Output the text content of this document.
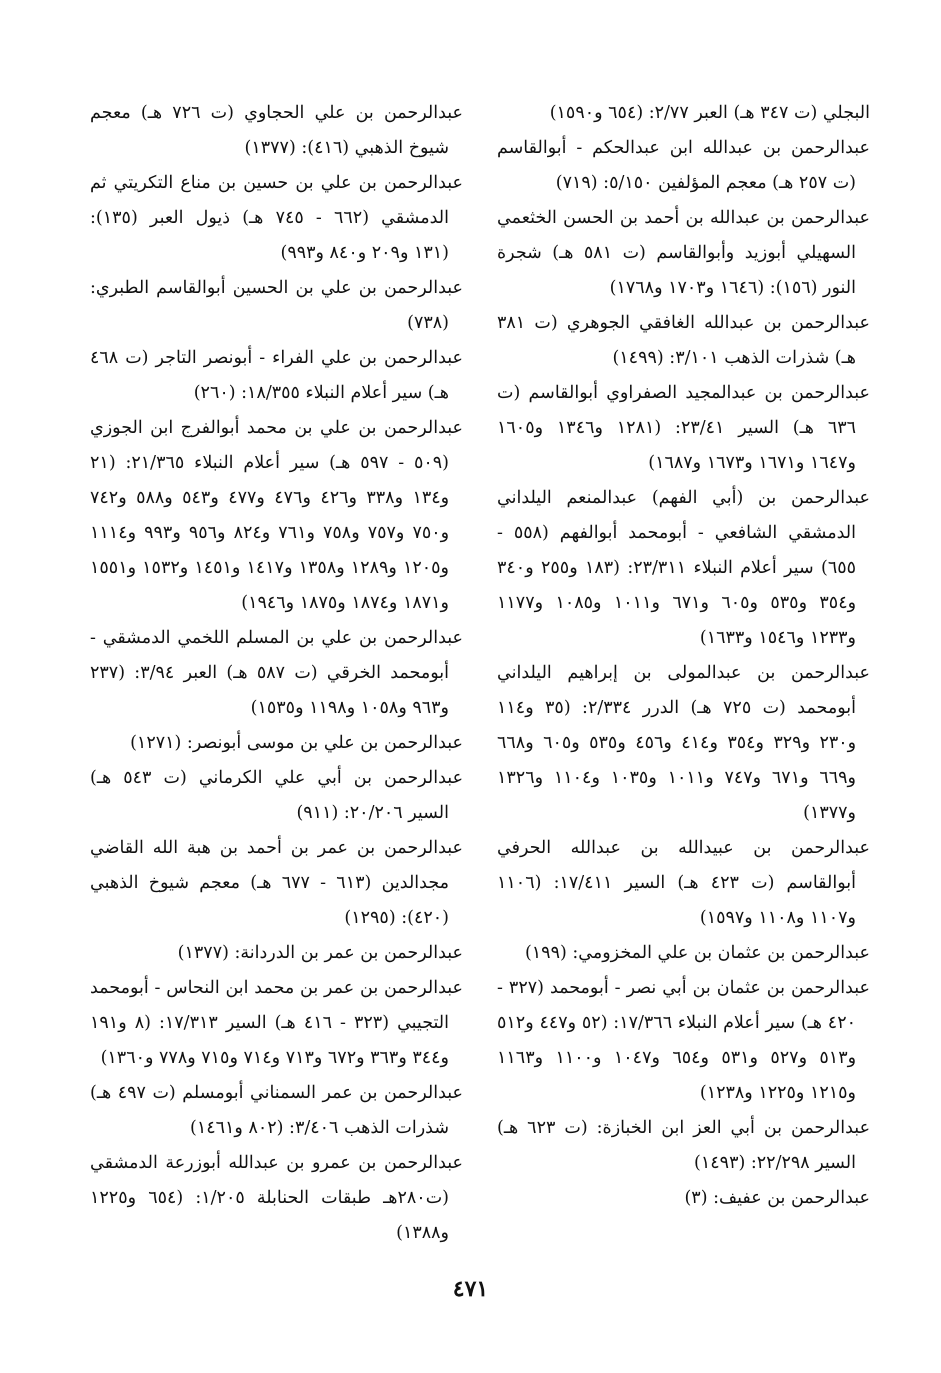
عبدالرحمن بن علي الحجاوي (ت ٧٢٦ هـ) معجم شيوخ الذهبي (٤١٦): (١٣٧٧)

عبدالرحمن بن علي بن حسين بن مناع التكريتي ثم الدمشقي (٦٦٢ - ٧٤٥ هـ) ذيول العبر (١٣٥): (١٣١ و٢٠٩ و٨٤٠ و٩٩٣)

عبدالرحمن بن علي بن الحسين أبوالقاسم الطبري: (٧٣٨)

عبدالرحمن بن علي الفراء - أبونصر التاجر (ت ٤٦٨ هـ) سير أعلام النبلاء ١٨/٣٥٥: (٢٦٠)

عبدالرحمن بن علي بن محمد أبوالفرج ابن الجوزي (٥٠٩ - ٥٩٧ هـ) سير أعلام النبلاء ٢١/٣٦٥: (٢١ و١٣٤ و٣٣٨ و٤٢٦ و٤٧٦ و٤٧٧ و٥٤٣ و٥٨٨ و٧٤٢ و٧٥٠ و٧٥٧ و٧٥٨ و٧٦١ و٨٢٤ و٩٥٦ و٩٩٣ و١١١٤ و١٢٠٥ و١٢٨٩ و١٣٥٨ و١٤١٧ و١٤٥١ و١٥٣٢ و١٥٥١ و١٨٧١ و١٨٧٤ و١٨٧٥ و١٩٤٦)

عبدالرحمن بن علي بن المسلم اللخمي الدمشقي - أبومحمد الخرقي (ت ٥٨٧ هـ) العبر ٣/٩٤: (٢٣٧ و٩٦٣ و١٠٥٨ و١١٩٨ و١٥٣٥)

عبدالرحمن بن علي بن موسى أبونصر: (١٢٧١)

عبدالرحمن بن أبي علي الكرماني (ت ٥٤٣ هـ) السير ٢٠/٢٠٦: (٩١١)

عبدالرحمن بن عمر بن أحمد بن هبة الله القاضي مجدالدين (٦١٣ - ٦٧٧ هـ) معجم شيوخ الذهبي (٤٢٠): (١٢٩٥)

عبدالرحمن بن عمر بن الدردانة: (١٣٧٧)

عبدالرحمن بن عمر بن محمد ابن النحاس - أبومحمد التجيبي (٣٢٣ - ٤١٦ هـ) السير ١٧/٣١٣: (٨ و١٩١ و٣٤٤ و٣٦٣ و٦٧٢ و٧١٣ و٧١٤ و٧١٥ و٧٧٨ و١٣٦٠)

عبدالرحمن بن عمر السمناني أبومسلم (ت ٤٩٧ هـ) شذرات الذهب ٣/٤٠٦: (٨٠٢ و١٤٦١)

عبدالرحمن بن عمرو بن عبدالله أبوزرعة الدمشقي (ت٢٨٠هـ طبقات الحنابلة ١/٢٠٥: (٦٥٤ و١٢٢٥ و١٣٨٨)

البجلي (ت ٣٤٧ هـ) العبر ٢/٧٧: (٦٥٤ و١٥٩٠)

عبدالرحمن بن عبدالله ابن عبدالحكم - أبوالقاسم (ت ٢٥٧ هـ) معجم المؤلفين ٥/١٥٠: (٧١٩)

عبدالرحمن بن عبدالله بن أحمد بن الحسن الخثعمي السهيلي أبوزيد وأبوالقاسم (ت ٥٨١ هـ) شجرة النور (١٥٦): (١٦٤٦ و١٧٠٣ و١٧٦٨)

عبدالرحمن بن عبدالله الغافقي الجوهري (ت ٣٨١ هـ) شذرات الذهب ٣/١٠١: (١٤٩٩)

عبدالرحمن بن عبدالمجيد الصفراوي أبوالقاسم (ت ٦٣٦ هـ) السير ٢٣/٤١: (١٢٨١ و١٣٤٦ و١٦٠٥ و١٦٤٧ و١٦٧١ و١٦٧٣ و١٦٨٧)

عبدالرحمن بن (أبي الفهم) عبدالمنعم اليلداني الدمشقي الشافعي - أبومحمد أبوالفهم (٥٥٨ - ٦٥٥) سير أعلام النبلاء ٢٣/٣١١: (١٨٣ و٢٥٥ و٣٤٠ و٣٥٤ و٥٣٥ و٦٠٥ و٦٧١ و١٠١١ و١٠٨٥ و١١٧٧ و١٢٣٣ و١٥٤٦ و١٦٣٣)

عبدالرحمن بن عبدالمولى بن إبراهيم اليلداني أبومحمد (ت ٧٢٥ هـ) الدرر ٢/٣٣٤: (٣٥ و١١٤ و٢٣٠ و٣٢٩ و٣٥٤ و٤١٤ و٤٥٦ و٥٣٥ و٦٠٥ و٦٦٨ و٦٦٩ و٦٧١ و٧٤٧ و١٠١١ و١٠٣٥ و١١٠٤ و١٣٢٦ و١٣٧٧)

عبدالرحمن بن عبيدالله بن عبدالله الحرفي أبوالقاسم (ت ٤٢٣ هـ) السير ١٧/٤١١: (١١٠٦ و١١٠٧ و١١٠٨ و١٥٩٧)

عبدالرحمن بن عثمان بن علي المخزومي: (١٩٩)

عبدالرحمن بن عثمان بن أبي نصر - أبومحمد (٣٢٧ - ٤٢٠ هـ) سير أعلام النبلاء ١٧/٣٦٦: (٥٢ و٤٤٧ و٥١٢ و٥١٣ و٥٢٧ و٥٣١ و٦٥٤ و١٠٤٧ و١١٠٠ و١١٦٣ و١٢١٥ و١٢٢٥ و١٢٣٨)

عبدالرحمن بن أبي العز ابن الخبازة: (ت ٦٢٣ هـ) السير ٢٢/٢٩٨: (١٤٩٣)

عبدالرحمن بن عفيف: (٣)

٤٧١
